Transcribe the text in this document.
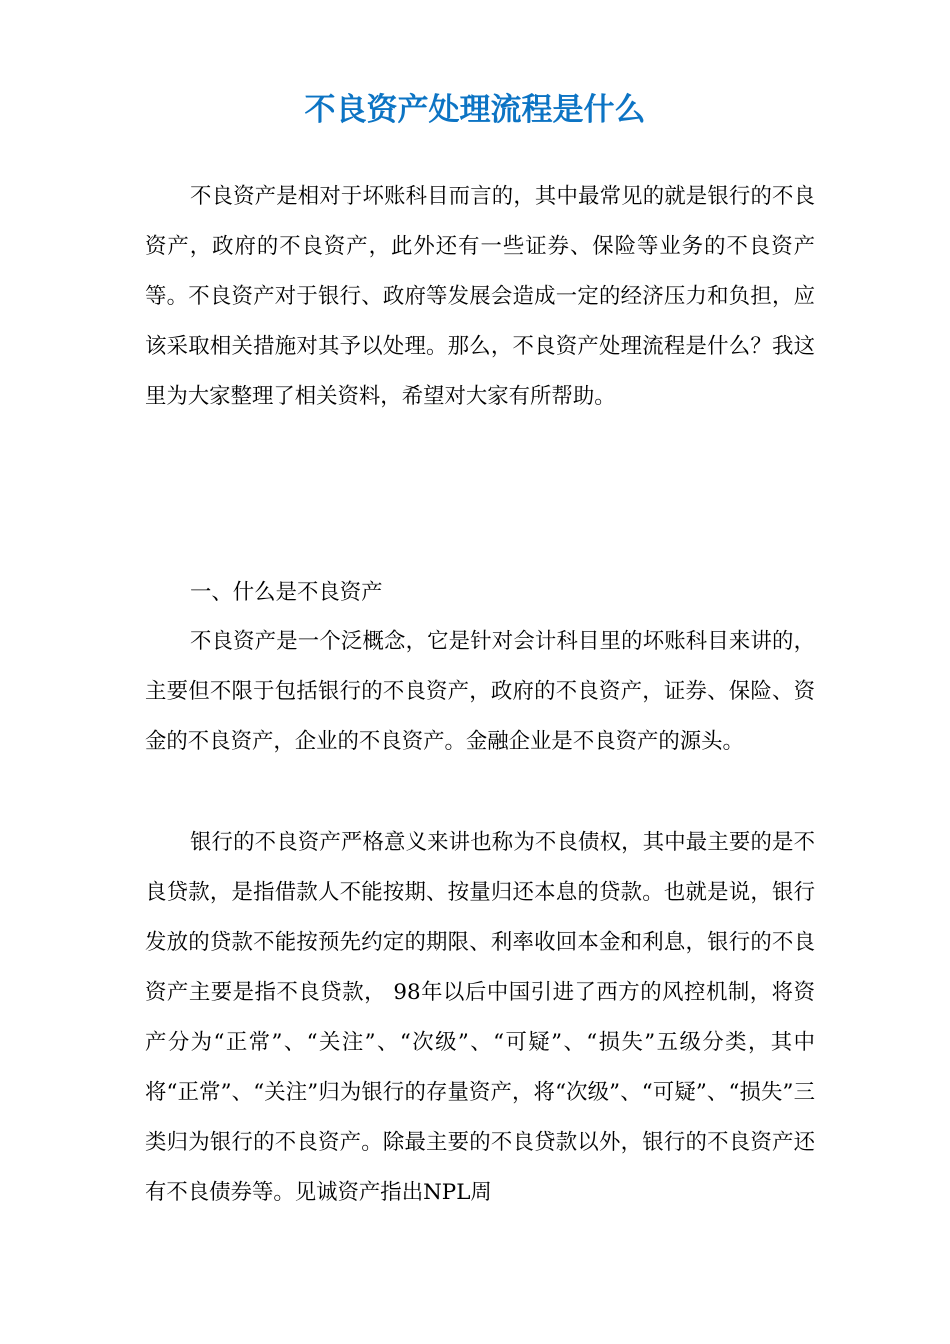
不良资产处理流程是什么

不良资产是相对于坏账科目而言的，其中最常见的就是银行的不良资产，政府的不良资产，此外还有一些证券、保险等业务的不良资产等。不良资产对于银行、政府等发展会造成一定的经济压力和负担，应该采取相关措施对其予以处理。那么，不良资产处理流程是什么？我这里为大家整理了相关资料，希望对大家有所帮助。

一、什么是不良资产

不良资产是一个泛概念，它是针对会计科目里的坏账科目来讲的，主要但不限于包括银行的不良资产，政府的不良资产，证券、保险、资金的不良资产，企业的不良资产。金融企业是不良资产的源头。

银行的不良资产严格意义来讲也称为不良债权，其中最主要的是不良贷款，是指借款人不能按期、按量归还本息的贷款。也就是说，银行发放的贷款不能按预先约定的期限、利率收回本金和利息，银行的不良资产主要是指不良贷款， 98年以后中国引进了西方的风控机制，将资产分为“正常”、“关注”、“次级”、“可疑”、“损失”五级分类，其中将“正常”、“关注”归为银行的存量资产，将“次级”、“可疑”、“损失”三类归为银行的不良资产。除最主要的不良贷款以外，银行的不良资产还有不良债券等。见诚资产指出NPL周
